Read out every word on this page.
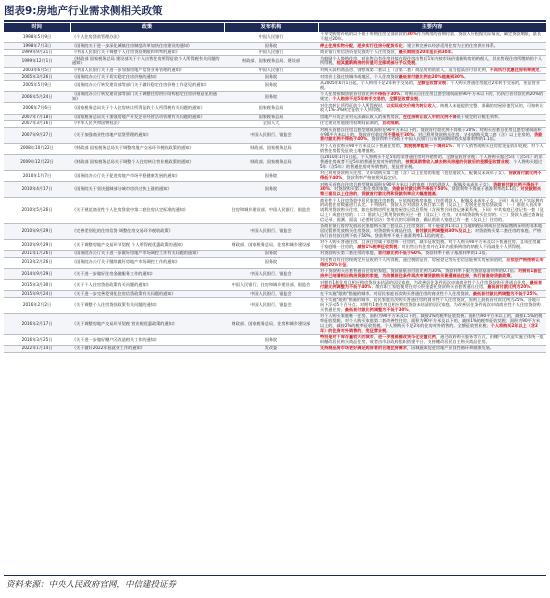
图表9:房地产行业需求侧相关政策
时间	政策	发布机构	主要内容
1998年5月9日	《个人住房贷款管理办法》	中国人民银行	不享受购房补贴的以不低于所购住房全部价款的30%作为购房的首期付款，贷款人应根据实际情况，确定贷款期限，最长不超过20年。
1998年7月3日	《国务院关于进一步深化城镇住房制度改革加快住房建设的通知》	国务院	停止住房实物分配，逐步实行住房分配货币化；建立和完善以经济适用住房为主的住房供应体系。
1999年9月21日	《中国人民银行关于调整个人住房贷款期限和利率的通知》	中国人民银行	商业银行用信贷资金发放的个人住房贷款，最长期限由20年延长到30年。
1999年12月1日	《财政部 国家税务总局 建设部关于个人出售住房所得征收个人所得税有关问题的通知》	财政部、国家税务总局、建设部	为鼓励个人换购住房，对出售自有住房并拟在现住房出售后1年内按市场价重新购房的纳税人，其出售现住房所缴纳的个人所得税，视其重新购房的价值可全部或部分予以免税。
2003年6月5日	《中国人民银行关于进一步加强房地产信贷业务管理的通知》	中国人民银行	对购买高档商品房、别墅或第二套以上（含第二套）商品房的借款人，适当提高首付款比例，不再执行优惠住房利率规定。
2005年3月26日	《国务院办公厅关于切实稳定住房价格的通知》	国务院	对房价上涨过快城市或地区，个人住房贷款最低首付款比例由20%提高到30%。
2005年5月9日	《国务院办公厅转发建设部等部门关于做好稳定住房价格工作意见的通知》	国务院	从2005年6月1日起，个人购房不足2年转手交易的，全额征收营业税；个人购买普通住房超过2年转手交易的，免征营业税。
2006年5月24日	《国务院办公厅转发建设部等部门关于调整住房供应结构稳定住房价格意见的通知》	国务院	个人住房按揭贷款首付款比例不得低于30%；对购买自住住房且套型建筑面积90平方米以下的，仍执行首付款比例20%的规定；个人购房不足5年转手交易的，全额征收营业税。
2006年7月6日	《国家税务总局关于个人住房转让所得征收个人所得税有关问题的通知》	国家税务总局	对住房转让所得征收个人所得税时，以实际成交价格为转让收入；纳税人未能提供完整、准确的房屋原值凭证的，可按转让收入1%-3%核定征收个人所得税。
2007年7月18日	《国家税务总局关于加强房地产开发企业经营活动管理有关问题的通知》	国家税务总局	房地产开发企业对无法确认收入的预售房款，在住房转让收入中的比例不得低于规定的计税毛利率。
2007年3月16日	《中华人民共和国物权法》	全国人大	住宅建设用地使用权期间届满的，自动续期。
2007年9月27日	《关于加强商业性房地产信贷管理的通知》	中国人民银行、银监会	对购买首套自住房且套型建筑面积在90平方米以下的，贷款首付款比例不得低于20%；对购买首套自住房且套型建筑面积在90平方米以上的，贷款首付款比例不得低于30%；对已利用贷款购买住房、又申请购买第二套（含）以上住房的，贷款首付款比例不得低于40%，贷款利率不得低于中国人民银行公布的同期同档次基准利率的1.1倍。
2008年10月22日	《财政部 国家税务总局关于调整房地产交易环节税收政策的通知》	财政部、国家税务总局	对个人首次购买90平方米及以下普通住房的，契税税率暂统一下调到1%；对个人销售或购买住房暂免征收印花税；对个人销售住房暂免征收土地增值税。
2009年12月22日	《财政部 国家税务总局关于调整个人住房转让营业税政策的通知》	财政部、国家税务总局	自2010年1月1日起，个人将购买不足5年的非普通住房对外销售的，全额征收营业税；个人将购买超过5年（含5年）的非普通住房或者不足5年的普通住房对外销售的，按照其销售收入减去购买房屋的价款后的差额征收营业税；个人将购买超过5年（含5年）的普通住房对外销售的，免征营业税。
2010年1月7日	《国务院办公厅关于促进房地产市场平稳健康发展的通知》	国务院	对已利用贷款购买住房、又申请购买第二套（含）以上住房的家庭（包括借款人、配偶及未成年子女），贷款首付款比例不得低于40%，贷款利率严格按照风险定价。
2010年4月17日	《国务院关于坚决遏制部分城市房价过快上涨的通知》	国务院	对购买首套自住房且套型建筑面积在90平方米以上的家庭（包括借款人、配偶及未成年子女），贷款首付款比例不得低于30%；对贷款购买第二套住房的家庭，贷款首付款比例不得低于50%，贷款利率不得低于基准利率的1.1倍；对贷款购买第三套及以上住房的，贷款首付款比例和贷款利率应大幅度提高。
2010年5月26日	《关于规范商业性个人住房贷款中第二套住房认定标准的通知》	住房和城乡建设部、中国人民银行、银监会	商业性个人住房贷款中居民家庭住房套数，应依据拟购房家庭（包括借款人、配偶及未成年子女，下同）成员名下实际拥有的成套住房数量进行认定。下列情形，贷款人应对借款人执行第二套（及以上）差别化住房信贷政策：（一）借款人首次申请利用贷款购买住房，如在拟购房所在地房屋登记信息系统（含预售合同登记备案系统，下同）中其家庭已登记有一套（及以上）成套住房的；（二）借款人已利用贷款购买过一套（及以上）住房，又申请贷款购买住房的；（三）贷款人通过查询征信记录、面测、面谈（必要时居访）等形式的尽职调查，确认借款人家庭已有一套（及以上）住房的。
2010年9月29日	《完善差别化的住房信贷 调整住房交易环节税收政策》	中国人民银行、银监会	各商业银行暂停发放居民家庭购买第三套及以上住房贷款；对不能提供1年以上当地纳税证明或社会保险缴纳证明的非本地居民暂停发放购买住房贷款。对贷款购买商品住房，首付款比例调整到30%及以上；对贷款购买第二套住房的家庭，严格执行首付款比例不低于50%、贷款利率不低于基准利率1.1倍的规定。
2010年9月29日	《关于调整房地产交易环节契税 个人所得税优惠政策的通知》	财政部、国家税务总局、住房和城乡建设部	对个人购买普通住房，且该住房属于家庭唯一住房的，减半征收契税。对个人购买90平方米及以下普通住房，且该住房属于家庭唯一住房的，减按1%税率征收契税；对出售自有住房并在1年内重新购房的纳税人不再减免个人所得税。
2011年1月26日	《国务院办公厅关于进一步做好房地产市场调控工作有关问题的通知》	国务院	对贷款购买第二套住房的家庭，首付款比例不低于60%，贷款利率不低于基准利率的1.1倍。
2013年2月26日	《国务院办公厅关于继续做好房地产市场调控工作的通知》	国务院	对出售自有住房按规定应征收的个人所得税，通过税收征管、房屋登记等历史信息能核实房屋原值的，应依法严格按转让所得的20%计征。
2014年9月29日	《关于进一步做好住房金融服务工作的通知》	中国人民银行、银监会	对于贷款购买首套普通自住房的家庭，贷款最低首付款比例为30%，贷款利率下限为贷款基准利率的0.7倍；对拥有1套住房并已结清相应购房贷款的家庭，为改善居住条件再次申请贷款购买普通商品住房，执行首套房贷款政策。
2015年3月30日	《关于个人住房贷款政策有关问题的通知》	中国人民银行、住房和城乡建设部、银监会	对拥有1套住房且相应购房贷款未结清的居民家庭，为改善居住条件再次申请商业性个人住房贷款购买普通自住房，最低首付款比例调整为不低于40%；缴存职工家庭使用住房公积金委托贷款购买首套普通自住房，最低首付款比例为20%。
2015年9月24日	《关于进一步完善差别化住房信贷政策有关问题的通知》	中国人民银行、银监会	在不实施"限购"措施的城市，对居民家庭首次购买普通住房的商业性个人住房贷款，最低首付款比例调整为不低于25%。
2016年2月2日	《关于调整个人住房贷款政策有关问题的通知》	中国人民银行、银监会	在不实施"限购"措施的城市，居民家庭首次购买普通住房的商业性个人住房贷款，原则上最低首付款比例为25%，各地可向下浮动5个百分点；对拥有1套住房且相应购房贷款未结清的居民家庭，为改善居住条件再次申请商业性个人住房贷款购买普通住房，最低首付款比例调整为不低于30%。
2016年2月17日	《关于调整房地产交易环节契税 营业税优惠政策的通知》	财政部、国家税务总局、住房和城乡建设部	对个人购买家庭唯一住房，面积为90平方米及以下的，减按1%的税率征收契税；面积为90平方米以上的，减按1.5%的税率征收契税。对个人购买家庭第二套改善性住房，面积为90平方米及以下的，减按1%的税率征收契税；面积为90平方米以上的，减按2%的税率征收契税。个人将购买不足2年的住房对外销售的，全额征收营业税；个人将购买2年以上（含2年）的住房对外销售的，免征营业税。
2016年3月25日	《关于进一步做好棚户区改造相关工作的通知》	国务院	特别是对于库存量较大的城市，进一步提高棚改货币化安置比例，通过政府购买服务等方式，由棚户区改造实施主体统一组织棚改居民购买商品住房，或者由市县政府组织搭建平台，支持棚改居民自主购买商品住房。
2022年1月14日	《关于做好2022年稳就业工作的通知》	发改委	支持商品房市场更好满足购房者的合理住房需求，因城施策促进房地产业良性循环和健康发展。
资料来源：中央人民政府官网，中信建投证券
